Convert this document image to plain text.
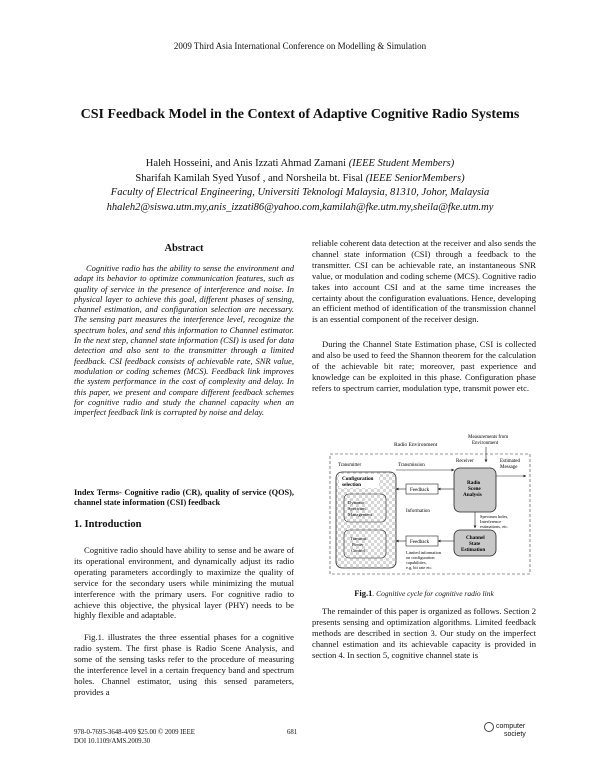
2009 Third Asia International Conference on Modelling & Simulation
CSI Feedback Model in the Context of Adaptive Cognitive Radio Systems
Haleh Hosseini, and Anis Izzati Ahmad Zamani (IEEE Student Members)
Sharifah Kamilah Syed Yusof , and Norsheila bt. Fisal (IEEE SeniorMembers)
Faculty of Electrical Engineering, Universiti Teknologi Malaysia, 81310, Johor, Malaysia
hhaleh2@siswa.utm.my,anis_izzati86@yahoo.com,kamilah@fke.utm.my,sheila@fke.utm.my
Abstract

Cognitive radio has the ability to sense the environment and adapt its behavior to optimize communication features, such as quality of service in the presence of interference and noise. In physical layer to achieve this goal, different phases of sensing, channel estimation, and configuration selection are necessary. The sensing part measures the interference level, recognize the spectrum holes, and send this information to Channel estimator. In the next step, channel state information (CSI) is used for data detection and also sent to the transmitter through a limited feedback. CSI feedback consists of achievable rate, SNR value, modulation or coding schemes (MCS). Feedback link improves the system performance in the cost of complexity and delay. In this paper, we present and compare different feedback schemes for cognitive radio and study the channel capacity when an imperfect feedback link is corrupted by noise and delay.

Index Terms- Cognitive radio (CR), quality of service (QOS), channel state information (CSI) feedback

1. Introduction

Cognitive radio should have ability to sense and be aware of its operational environment, and dynamically adjust its radio operating parameters accordingly to maximize the quality of service for the secondary users while minimizing the mutual interference with the primary users. For cognitive radio to achieve this objective, the physical layer (PHY) needs to be highly flexible and adaptable.

Fig.1. illustrates the three essential phases for a cognitive radio system. The first phase is Radio Scene Analysis, and some of the sensing tasks refer to the procedure of measuring the interference level in a certain frequency band and spectrum holes. Channel estimator, using this sensed parameters, provides a

reliable coherent data detection at the receiver and also sends the channel state information (CSI) through a feedback to the transmitter. CSI can be achievable rate, an instantaneous SNR value, or modulation and coding scheme (MCS). Cognitive radio takes into account CSI and at the same time increases the certainty about the configuration evaluations. Hence, developing an efficient method of identification of the transmission channel is an essential component of the receiver design.

During the Channel State Estimation phase, CSI is collected and also be used to feed the Shannon theorem for the calculation of the achievable bit rate; moreover, past experience and knowledge can be exploited in this phase. Configuration phase refers to spectrum carrier, modulation type, transmit power etc.

Radio Environment
Measurements from
Environment
Transmitter	Transmission
Receiver	Estimated
Message
Configuration
selection
Dynamic
Spectrum
Management
Transmit
Power
Control
Feedback
Feedback
Information
Radio
Scene
Analysis
Spectrum holes,
Interference
estimations, etc.
Channel
State
Estimation
Limited information
on configuration
capabilities,
e.g, bit rate etc.
Fig.1. Cognitive cycle for cognitive radio link

The remainder of this paper is organized as follows. Section 2 presents sensing and optimization algorithms. Limited feedback methods are described in section 3. Our study on the imperfect channel estimation and its achievable capacity is provided in section 4. In section 5, cognitive channel state is

978-0-7695-3648-4/09 $25.00 © 2009 IEEE
DOI 10.1109/AMS.2009.30
681
computer
society
